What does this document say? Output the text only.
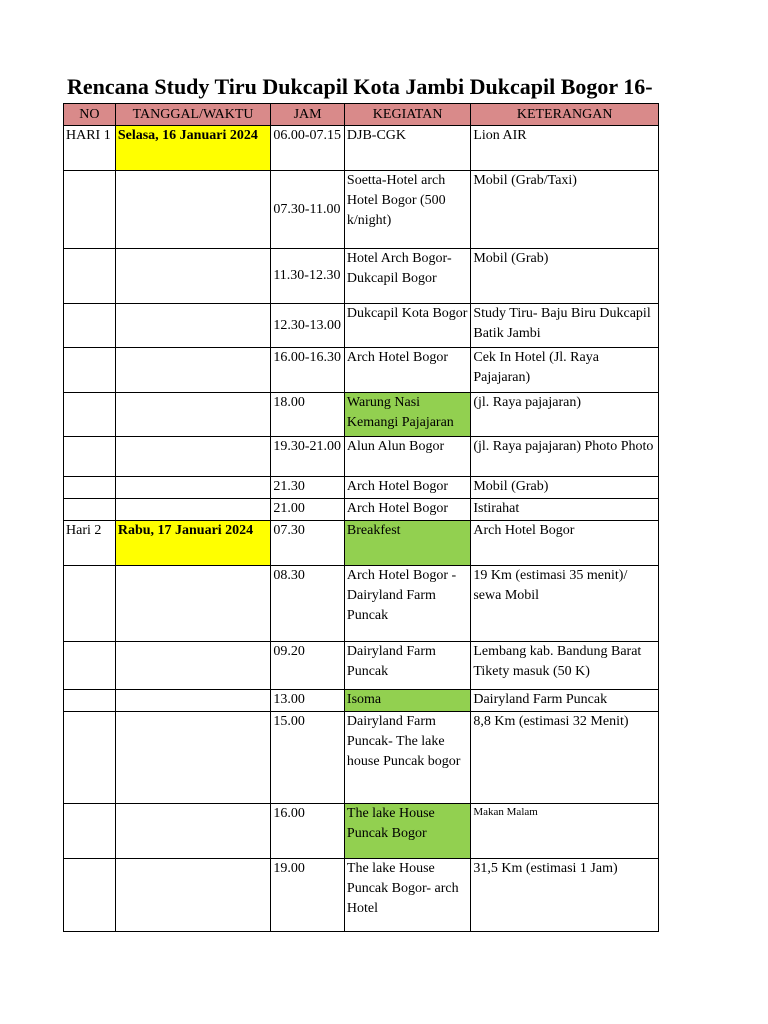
Rencana Study Tiru Dukcapil Kota Jambi Dukcapil Bogor 16-
NO	TANGGAL/WAKTU	JAM	KEGIATAN	KETERANGAN
HARI 1	Selasa, 16 Januari 2024	06.00-07.15	DJB-CGK	Lion AIR
		07.30-11.00	Soetta-Hotel arch Hotel Bogor (500 k/night)	Mobil (Grab/Taxi)
		11.30-12.30	Hotel Arch Bogor-Dukcapil Bogor	Mobil (Grab)
		12.30-13.00	Dukcapil Kota Bogor	Study Tiru- Baju Biru Dukcapil Batik Jambi
		16.00-16.30	Arch Hotel Bogor	Cek In Hotel (Jl. Raya Pajajaran)
		18.00	Warung Nasi Kemangi Pajajaran	(jl. Raya pajajaran)
		19.30-21.00	Alun Alun Bogor	(jl. Raya pajajaran) Photo Photo
		21.30	Arch Hotel Bogor	Mobil (Grab)
		21.00	Arch Hotel Bogor	Istirahat
Hari 2	Rabu, 17 Januari 2024	07.30	Breakfest	Arch Hotel Bogor
		08.30	Arch Hotel Bogor - Dairyland Farm Puncak	19 Km (estimasi 35 menit)/ sewa Mobil
		09.20	Dairyland Farm Puncak	Lembang kab. Bandung Barat Tikety masuk (50 K)
		13.00	Isoma	Dairyland Farm Puncak
		15.00	Dairyland Farm Puncak- The lake house Puncak bogor	8,8 Km (estimasi 32 Menit)
		16.00	The lake House Puncak Bogor	Makan Malam
		19.00	The lake House Puncak Bogor- arch Hotel	31,5 Km (estimasi 1 Jam)
